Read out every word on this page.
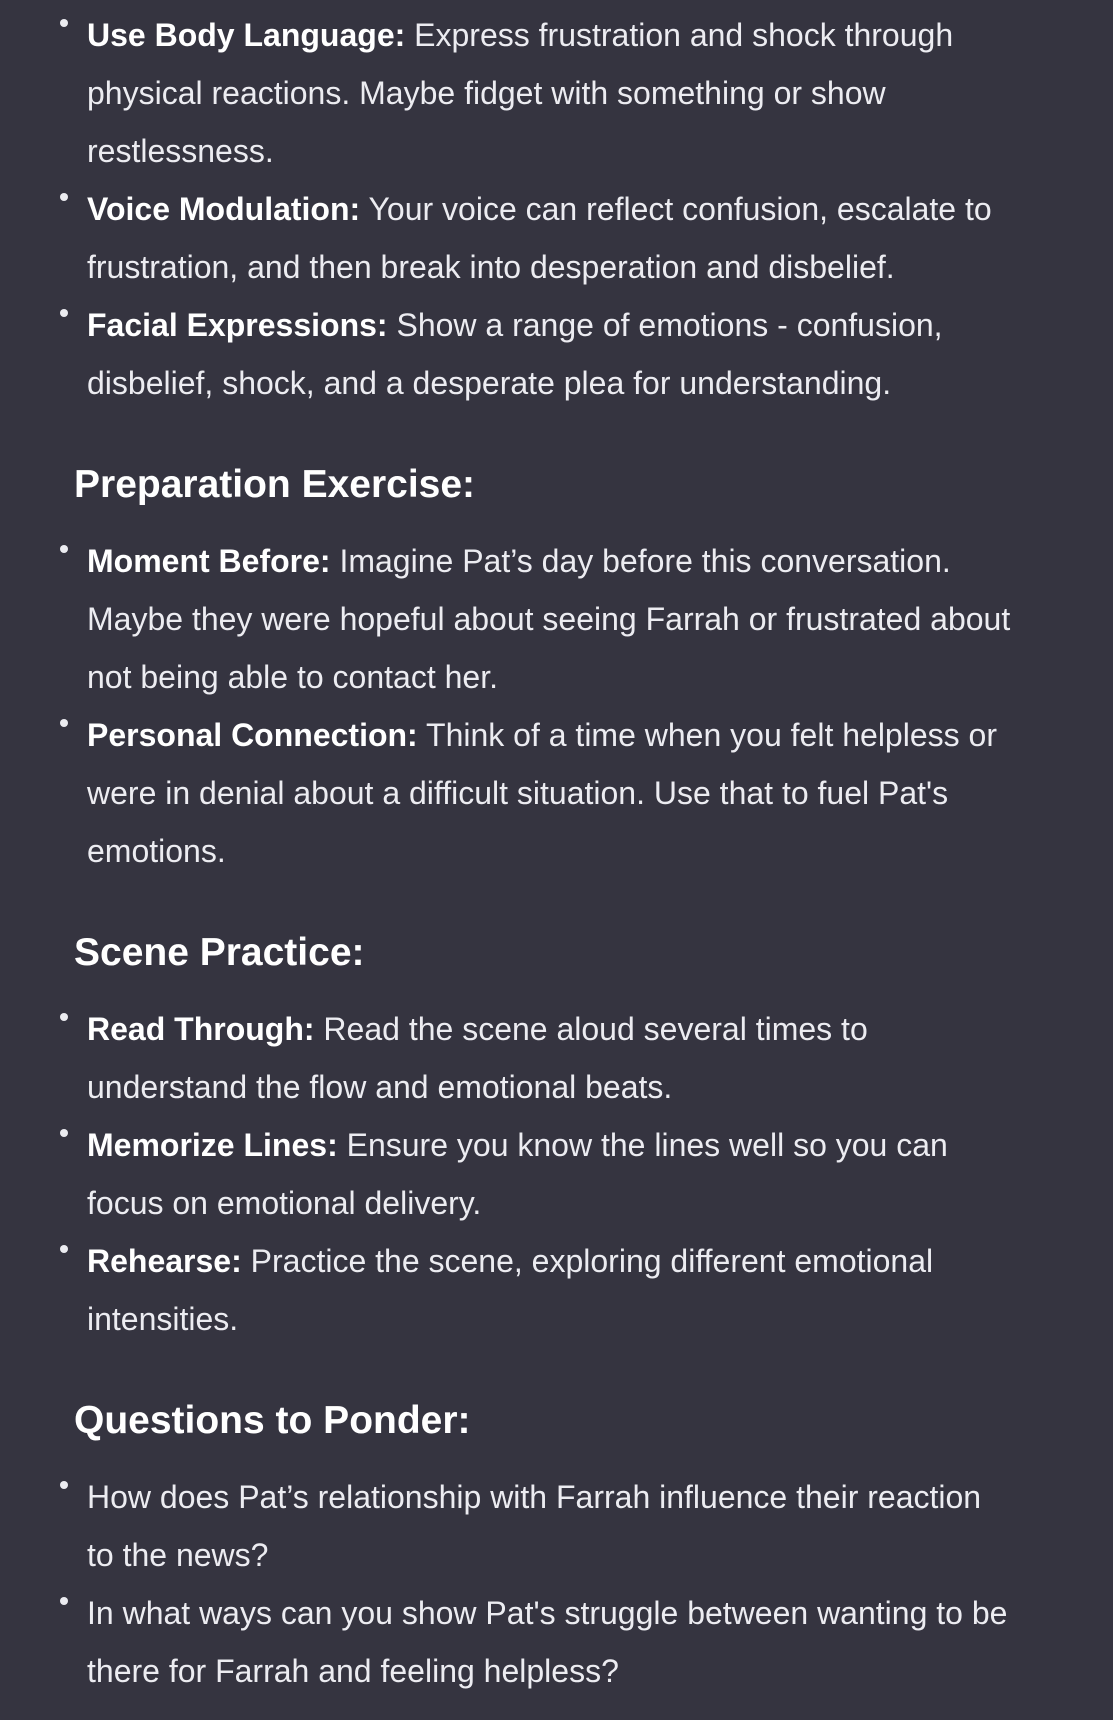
Use Body Language: Express frustration and shock through physical reactions. Maybe fidget with something or show restlessness.
Voice Modulation: Your voice can reflect confusion, escalate to frustration, and then break into desperation and disbelief.
Facial Expressions: Show a range of emotions - confusion, disbelief, shock, and a desperate plea for understanding.
Preparation Exercise:
Moment Before: Imagine Pat’s day before this conversation. Maybe they were hopeful about seeing Farrah or frustrated about not being able to contact her.
Personal Connection: Think of a time when you felt helpless or were in denial about a difficult situation. Use that to fuel Pat's emotions.
Scene Practice:
Read Through: Read the scene aloud several times to understand the flow and emotional beats.
Memorize Lines: Ensure you know the lines well so you can focus on emotional delivery.
Rehearse: Practice the scene, exploring different emotional intensities.
Questions to Ponder:
How does Pat’s relationship with Farrah influence their reaction to the news?
In what ways can you show Pat's struggle between wanting to be there for Farrah and feeling helpless?
